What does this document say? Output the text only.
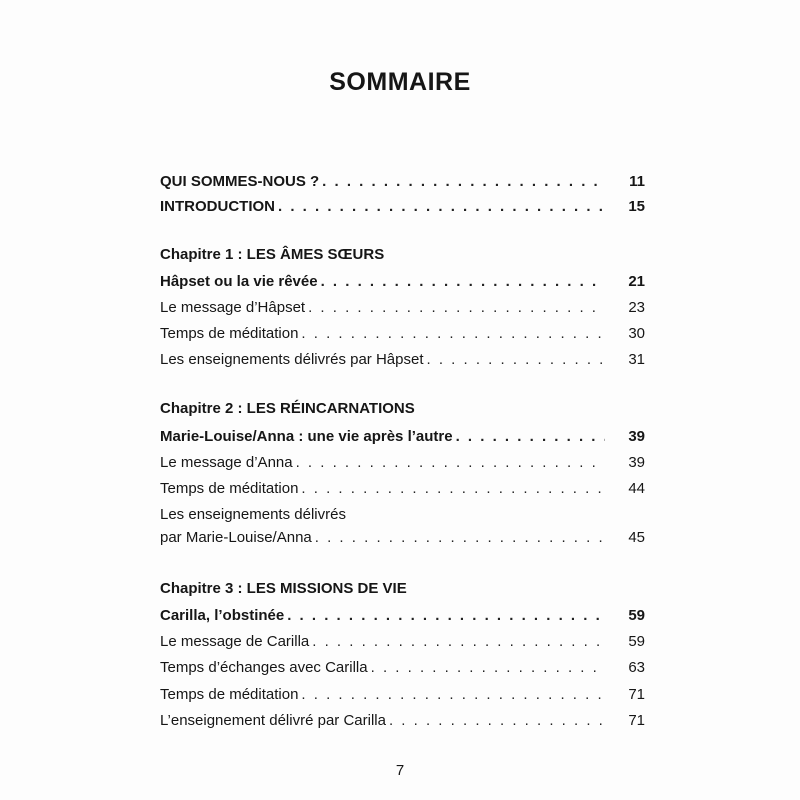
SOMMAIRE
QUI SOMMES-NOUS ? . . .	11
INTRODUCTION . . .	15
Chapitre 1 : LES ÂMES SŒURS
Hâpset ou la vie rêvée . . .	21
Le message d’Hâpset . . .	23
Temps de méditation . . .	30
Les enseignements délivrés par Hâpset . . .	31
Chapitre 2 : LES RÉINCARNATIONS
Marie-Louise/Anna : une vie après l’autre . . .	39
Le message d’Anna . . .	39
Temps de méditation . . .	44
Les enseignements délivrés
par Marie-Louise/Anna . . .	45
Chapitre 3 : LES MISSIONS DE VIE
Carilla, l’obstinée . . .	59
Le message de Carilla . . .	59
Temps d’échanges avec Carilla . . .	63
Temps de méditation . . .	71
L’enseignement délivré par Carilla . . .	71
7
